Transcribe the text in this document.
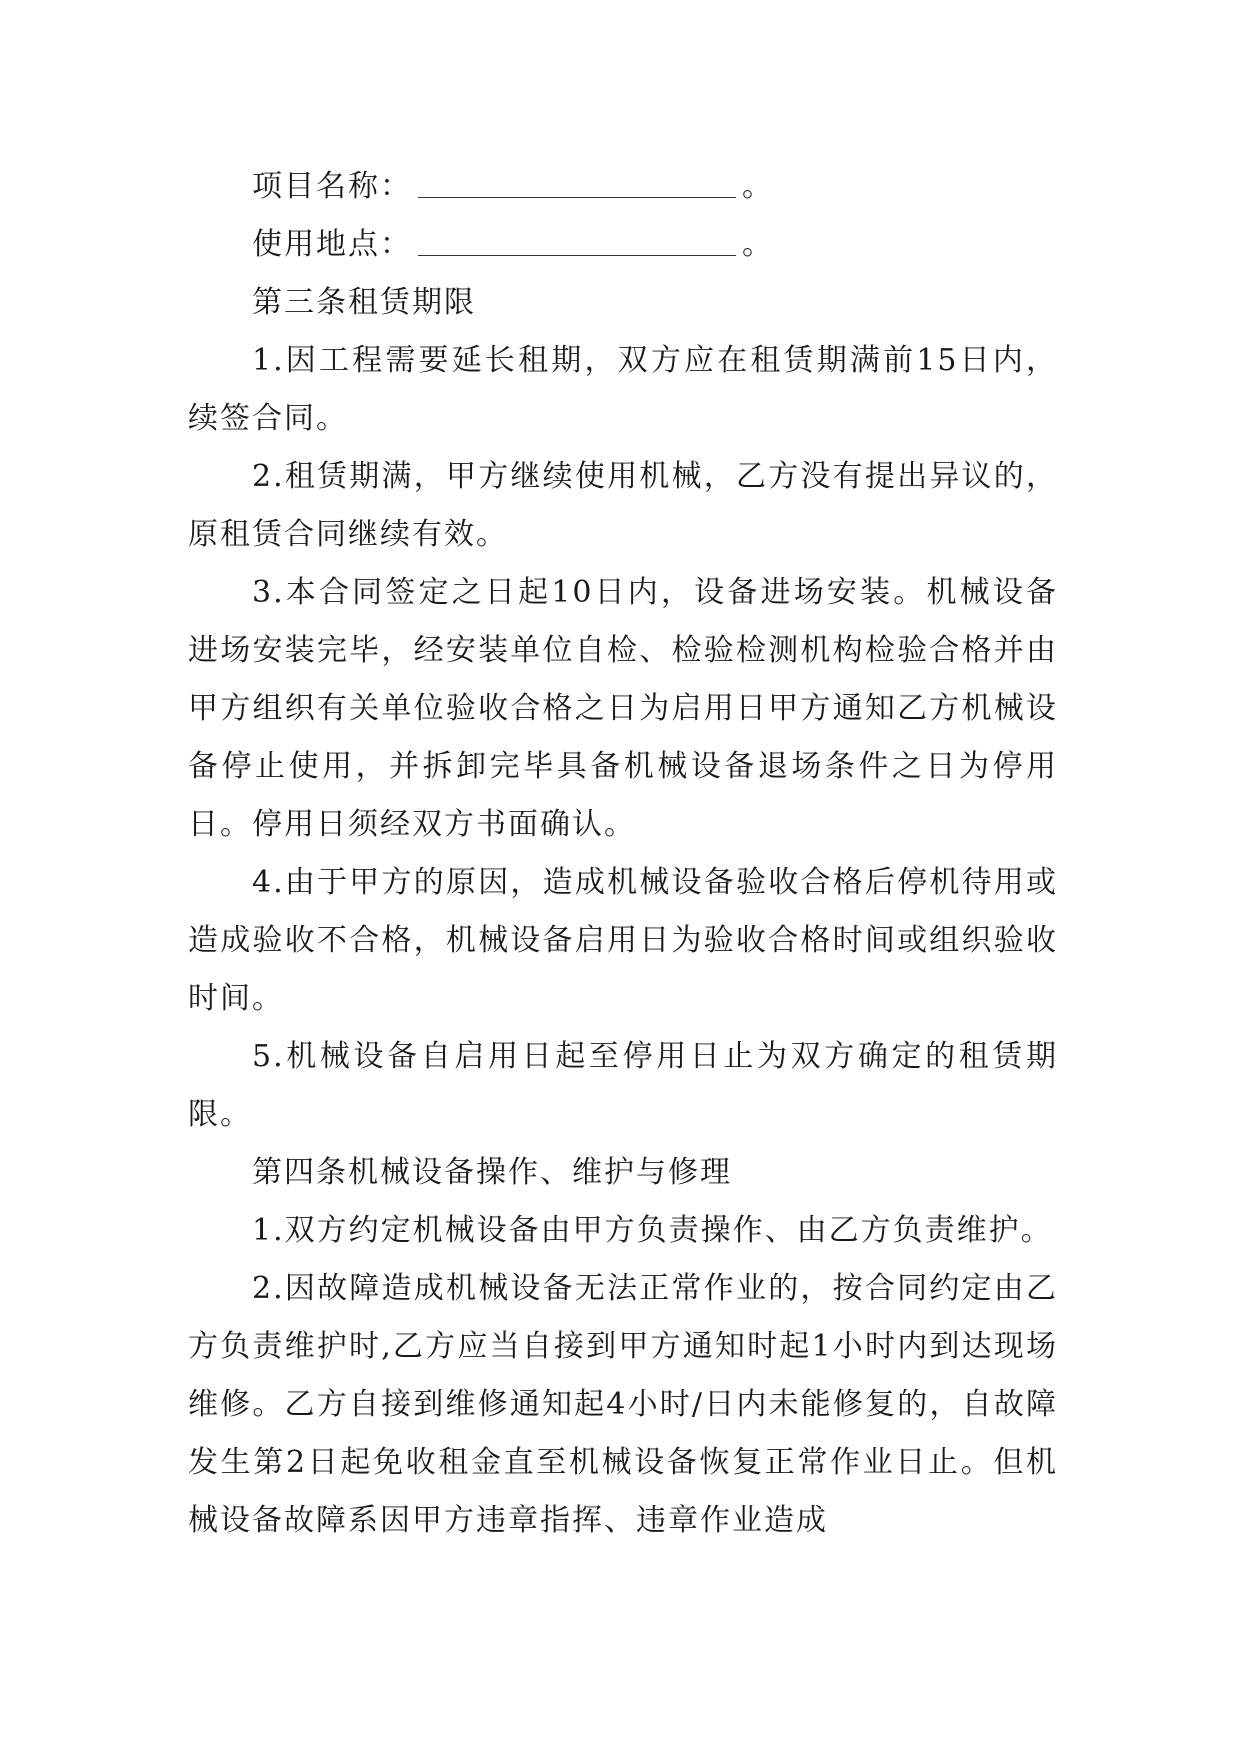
项目名称：	。

使用地点：	。

第三条租赁期限

1.因工程需要延长租期，双方应在租赁期满前15日内，续签合同。

2.租赁期满，甲方继续使用机械，乙方没有提出异议的，原租赁合同继续有效。

3.本合同签定之日起10日内，设备进场安装。机械设备进场安装完毕，经安装单位自检、检验检测机构检验合格并由甲方组织有关单位验收合格之日为启用日甲方通知乙方机械设备停止使用，并拆卸完毕具备机械设备退场条件之日为停用日。停用日须经双方书面确认。

4.由于甲方的原因，造成机械设备验收合格后停机待用或造成验收不合格，机械设备启用日为验收合格时间或组织验收时间。

5.机械设备自启用日起至停用日止为双方确定的租赁期限。

第四条机械设备操作、维护与修理

1.双方约定机械设备由甲方负责操作、由乙方负责维护。

2.因故障造成机械设备无法正常作业的，按合同约定由乙方负责维护时,乙方应当自接到甲方通知时起1小时内到达现场维修。乙方自接到维修通知起4小时/日内未能修复的，自故障发生第2日起免收租金直至机械设备恢复正常作业日止。但机械设备故障系因甲方违章指挥、违章作业造成
